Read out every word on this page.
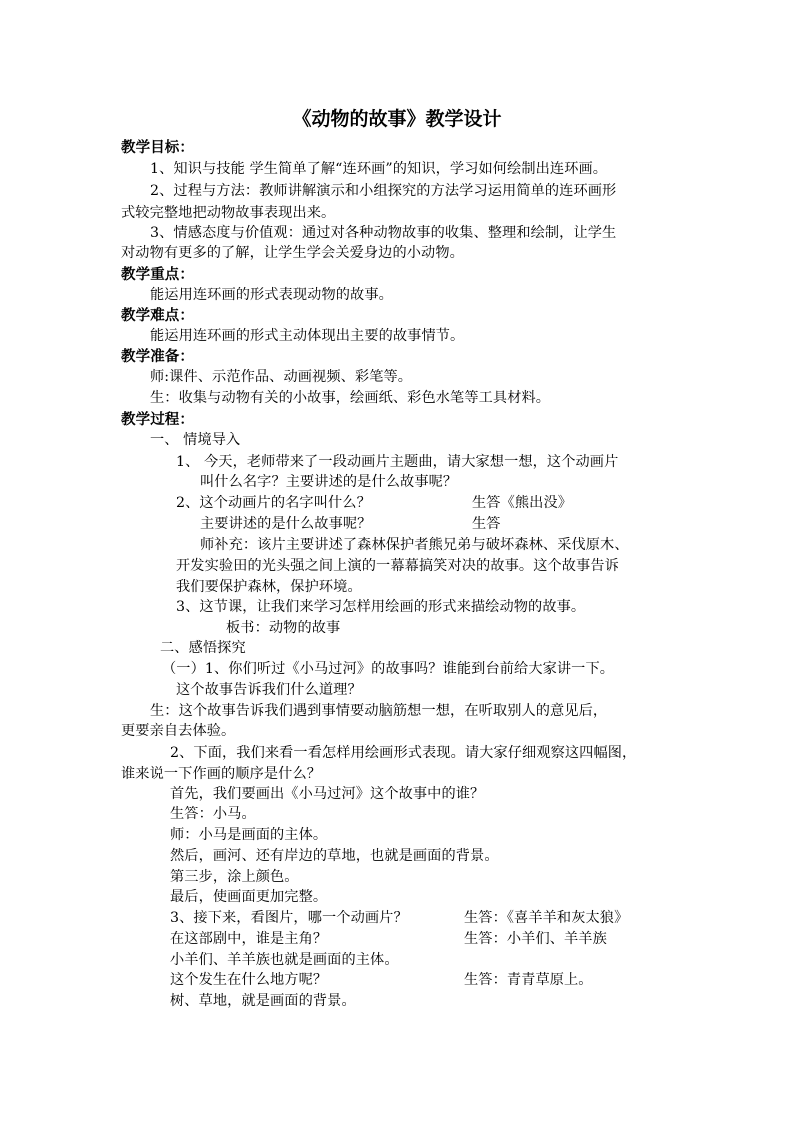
《动物的故事》教学设计
教学目标：
1、知识与技能 学生简单了解“连环画”的知识，学习如何绘制出连环画。
2、过程与方法：教师讲解演示和小组探究的方法学习运用简单的连环画形
式较完整地把动物故事表现出来。
3、情感态度与价值观：通过对各种动物故事的收集、整理和绘制，让学生
对动物有更多的了解，让学生学会关爱身边的小动物。
教学重点：
能运用连环画的形式表现动物的故事。
教学难点：
能运用连环画的形式主动体现出主要的故事情节。
教学准备：
师:课件、示范作品、动画视频、彩笔等。
生：收集与动物有关的小故事，绘画纸、彩色水笔等工具材料。
教学过程：
一、 情境导入
1、 今天，老师带来了一段动画片主题曲，请大家想一想，这个动画片
叫什么名字？主要讲述的是什么故事呢？
2、这个动画片的名字叫什么？	生答《熊出没》
主要讲述的是什么故事呢？	生答
师补充：该片主要讲述了森林保护者熊兄弟与破坏森林、采伐原木、
开发实验田的光头强之间上演的一幕幕搞笑对决的故事。这个故事告诉
我们要保护森林，保护环境。
3、这节课，让我们来学习怎样用绘画的形式来描绘动物的故事。
板书：动物的故事
二、感悟探究
（一）1、你们听过《小马过河》的故事吗？谁能到台前给大家讲一下。
这个故事告诉我们什么道理？
生：这个故事告诉我们遇到事情要动脑筋想一想，在听取别人的意见后，
更要亲自去体验。
2、下面，我们来看一看怎样用绘画形式表现。请大家仔细观察这四幅图，
谁来说一下作画的顺序是什么？
首先，我们要画出《小马过河》这个故事中的谁？
生答：小马。
师：小马是画面的主体。
然后，画河、还有岸边的草地，也就是画面的背景。
第三步，涂上颜色。
最后，使画面更加完整。
3、接下来，看图片，哪一个动画片？	生答：《喜羊羊和灰太狼》
在这部剧中，谁是主角？	生答：小羊们、羊羊族
小羊们、羊羊族也就是画面的主体。
这个发生在什么地方呢？	生答：青青草原上。
树、草地，就是画面的背景。
